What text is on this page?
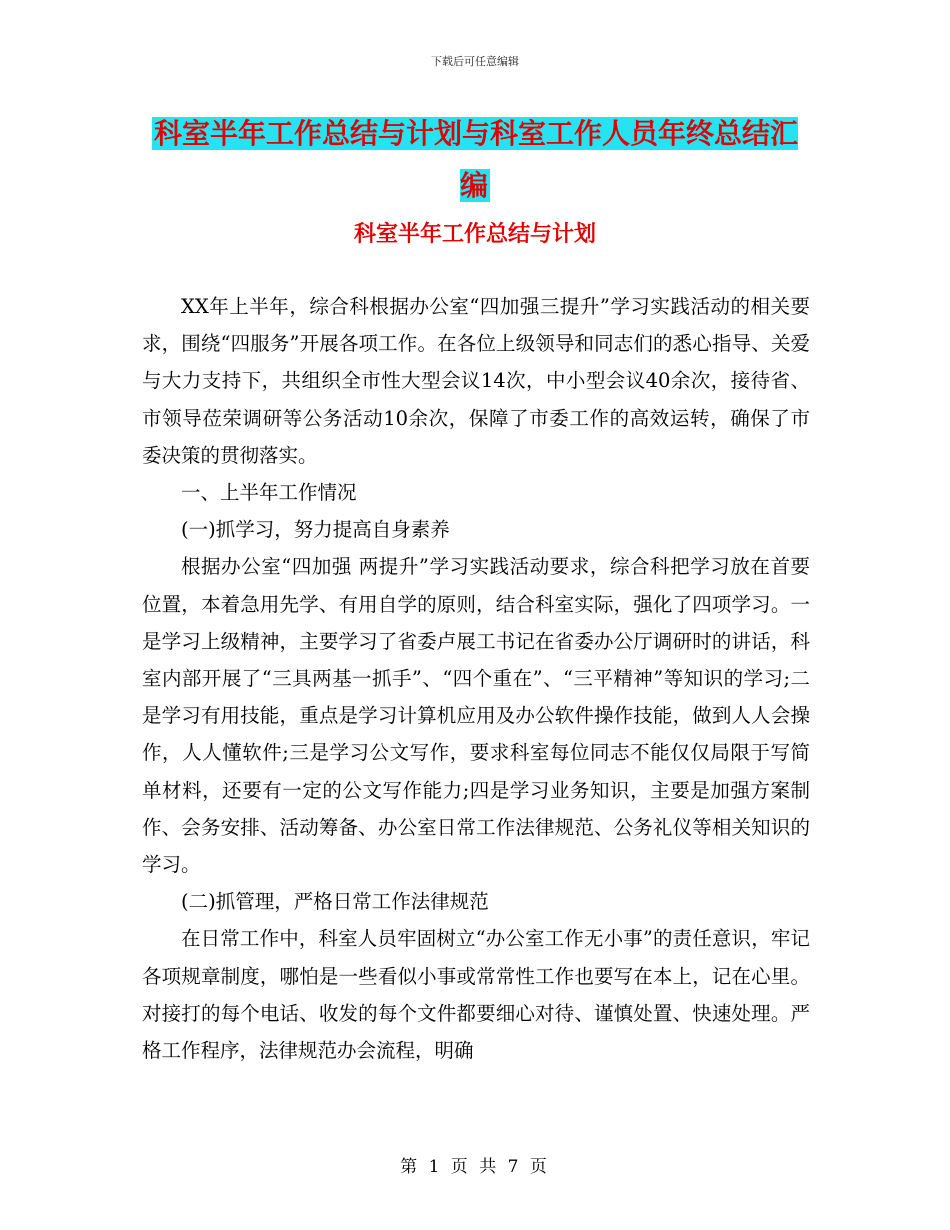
下载后可任意编辑
科室半年工作总结与计划与科室工作人员年终总结汇编
科室半年工作总结与计划

XX年上半年，综合科根据办公室“四加强三提升”学习实践活动的相关要求，围绕“四服务”开展各项工作。在各位上级领导和同志们的悉心指导、关爱与大力支持下，共组织全市性大型会议14次，中小型会议40余次，接待省、市领导莅荣调研等公务活动10余次，保障了市委工作的高效运转，确保了市委决策的贯彻落实。

一、上半年工作情况

(一)抓学习，努力提高自身素养

根据办公室“四加强 两提升”学习实践活动要求，综合科把学习放在首要位置，本着急用先学、有用自学的原则，结合科室实际，强化了四项学习。一是学习上级精神，主要学习了省委卢展工书记在省委办公厅调研时的讲话，科室内部开展了“三具两基一抓手”、“四个重在”、“三平精神”等知识的学习;二是学习有用技能，重点是学习计算机应用及办公软件操作技能，做到人人会操作，人人懂软件;三是学习公文写作，要求科室每位同志不能仅仅局限于写简单材料，还要有一定的公文写作能力;四是学习业务知识，主要是加强方案制作、会务安排、活动筹备、办公室日常工作法律规范、公务礼仪等相关知识的学习。

(二)抓管理，严格日常工作法律规范

在日常工作中，科室人员牢固树立“办公室工作无小事”的责任意识，牢记各项规章制度，哪怕是一些看似小事或常常性工作也要写在本上，记在心里。对接打的每个电话、收发的每个文件都要细心对待、谨慎处置、快速处理。严格工作程序，法律规范办会流程，明确

第 1 页 共 7 页
